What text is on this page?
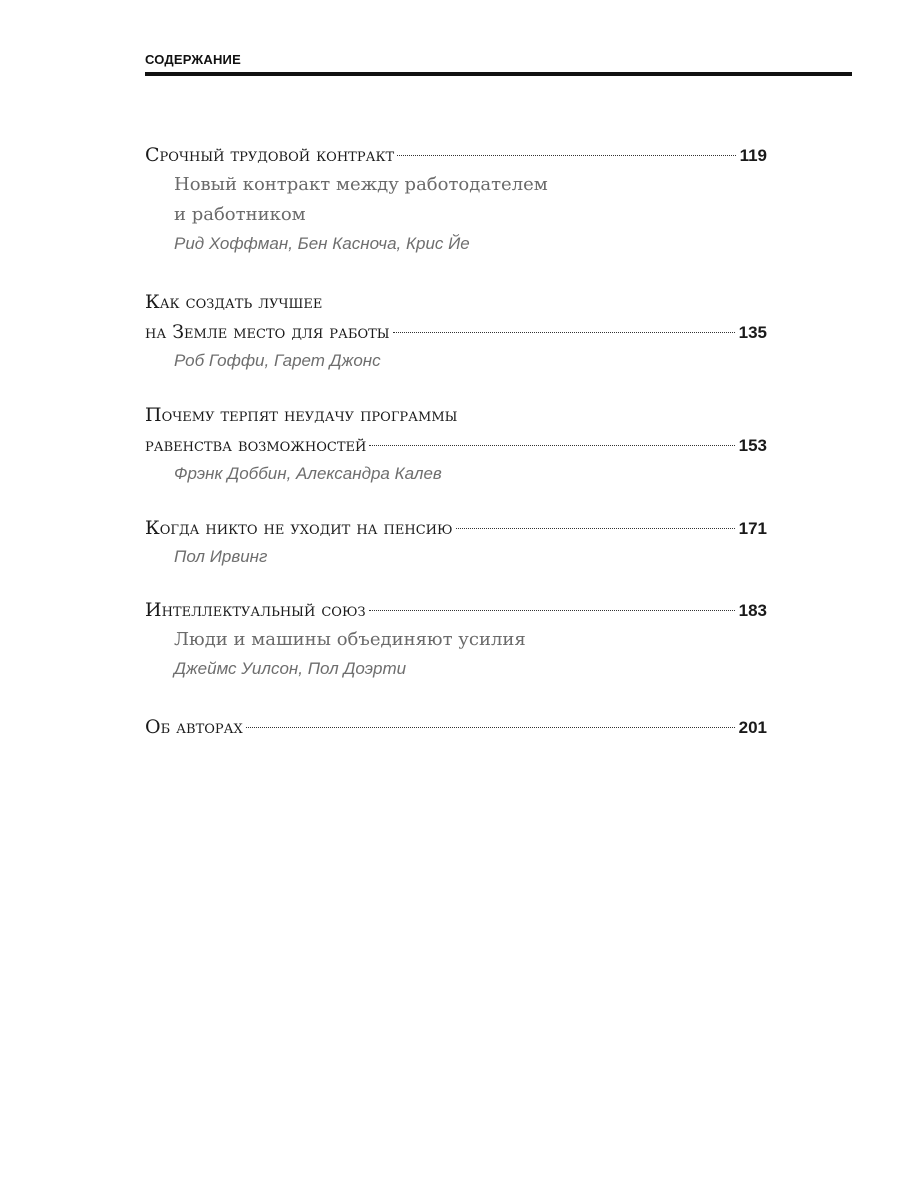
СОДЕРЖАНИЕ
Срочный трудовой контракт	119
Новый контракт между работодателем
и работником
Рид Хоффман, Бен Касноча, Крис Йе
Как создать лучшее
на Земле место для работы	135
Роб Гоффи, Гарет Джонс
Почему терпят неудачу программы
равенства возможностей	153
Фрэнк Доббин, Александра Калев
Когда никто не уходит на пенсию	171
Пол Ирвинг
Интеллектуальный союз	183
Люди и машины объединяют усилия
Джеймс Уилсон, Пол Доэрти
Об авторах	201
